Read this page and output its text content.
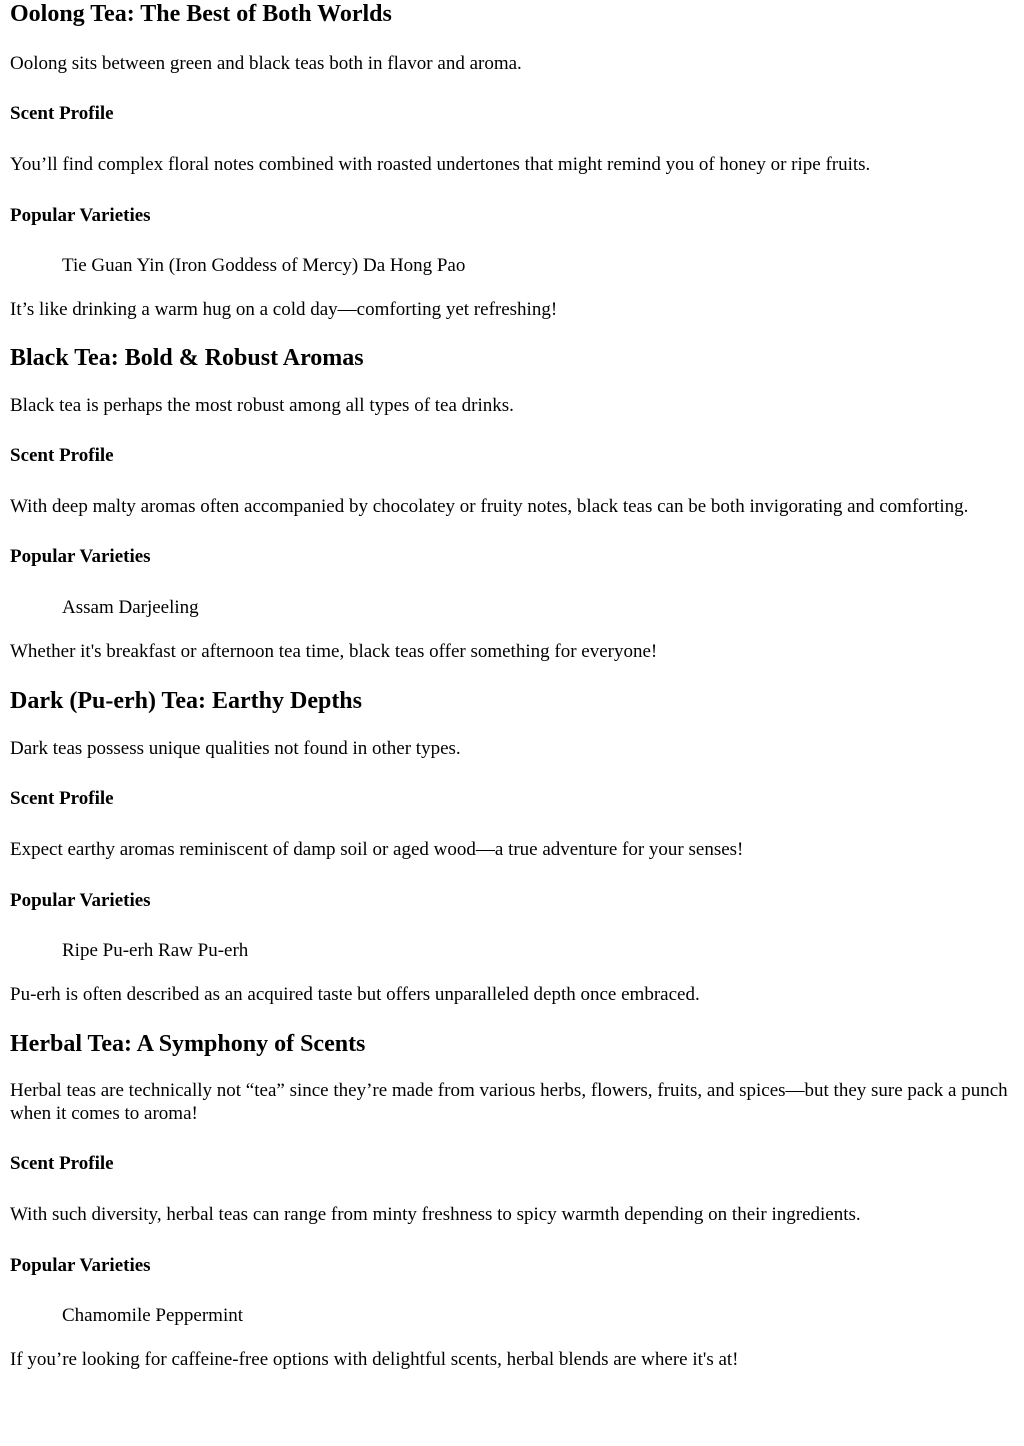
Oolong Tea: The Best of Both Worlds

Oolong sits between green and black teas both in flavor and aroma.

Scent Profile

You’ll find complex floral notes combined with roasted undertones that might remind you of honey or ripe fruits.

Popular Varieties

Tie Guan Yin (Iron Goddess of Mercy) Da Hong Pao

It’s like drinking a warm hug on a cold day—comforting yet refreshing!

Black Tea: Bold & Robust Aromas

Black tea is perhaps the most robust among all types of tea drinks.

Scent Profile

With deep malty aromas often accompanied by chocolatey or fruity notes, black teas can be both invigorating and comforting.

Popular Varieties

Assam Darjeeling

Whether it's breakfast or afternoon tea time, black teas offer something for everyone!

Dark (Pu-erh) Tea: Earthy Depths

Dark teas possess unique qualities not found in other types.

Scent Profile

Expect earthy aromas reminiscent of damp soil or aged wood—a true adventure for your senses!

Popular Varieties

Ripe Pu-erh Raw Pu-erh

Pu-erh is often described as an acquired taste but offers unparalleled depth once embraced.

Herbal Tea: A Symphony of Scents

Herbal teas are technically not “tea” since they’re made from various herbs, flowers, fruits, and spices—but they sure pack a punch when it comes to aroma!

Scent Profile

With such diversity, herbal teas can range from minty freshness to spicy warmth depending on their ingredients.

Popular Varieties

Chamomile Peppermint

If you’re looking for caffeine-free options with delightful scents, herbal blends are where it's at!
